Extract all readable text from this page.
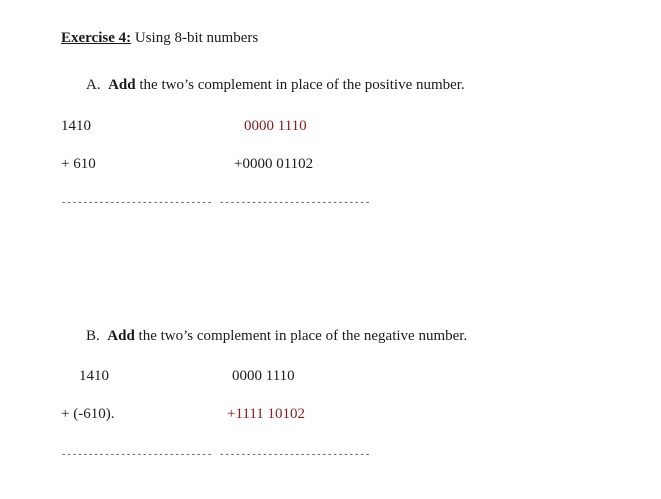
Exercise 4: Using 8-bit numbers
A. Add the two’s complement in place of the positive number.
1410	0000 1110
+ 610	+0000 01102
---------------------------- ----------------------------
B. Add the two’s complement in place of the negative number.
1410	0000 1110
+ (-610).	+1111 10102
---------------------------- ----------------------------
